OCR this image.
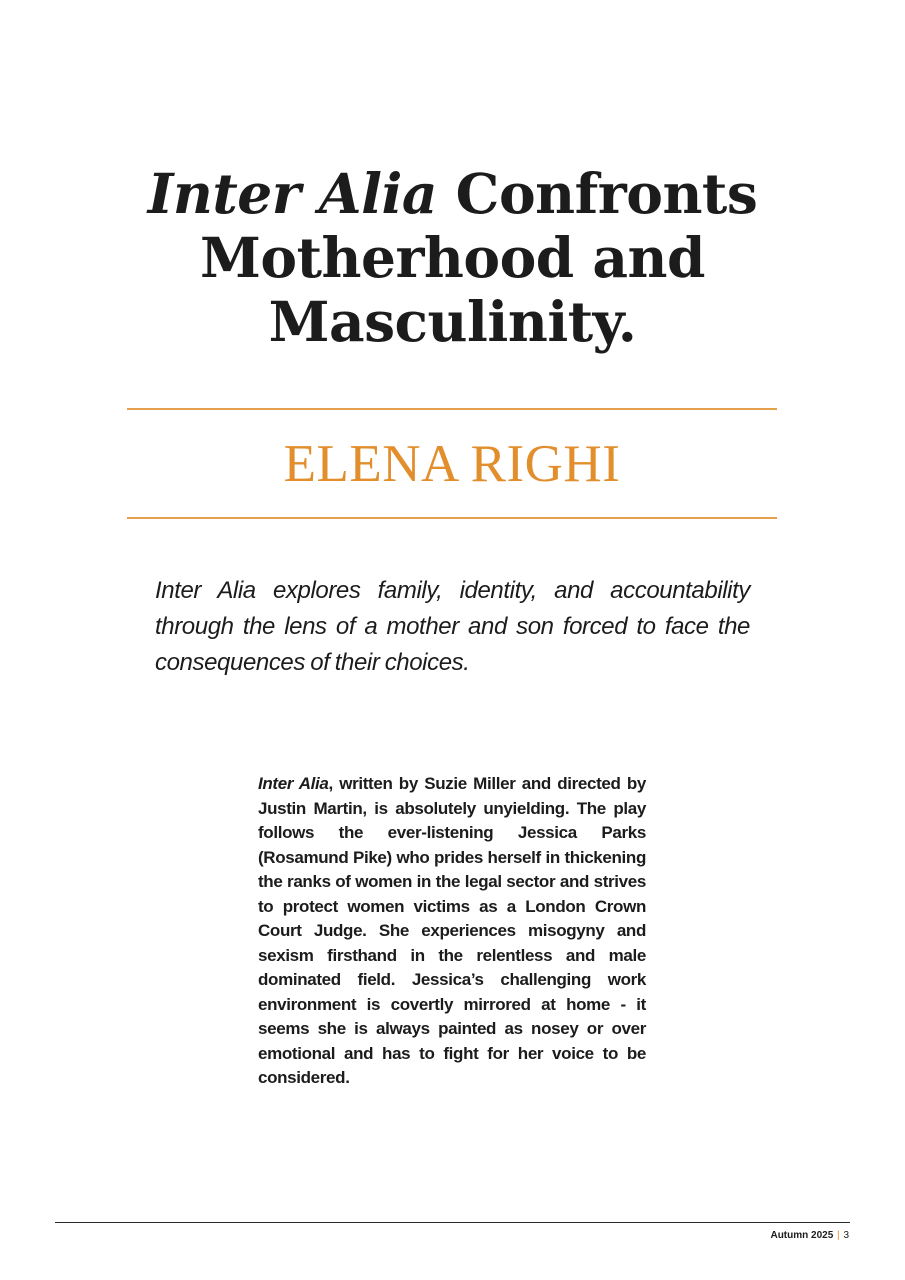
Inter Alia Confronts Motherhood and Masculinity.
ELENA RIGHI

Inter Alia explores family, identity, and accountability through the lens of a mother and son forced to face the consequences of their choices.

Inter Alia, written by Suzie Miller and directed by Justin Martin, is absolutely unyielding. The play follows the ever-listening Jessica Parks (Rosamund Pike) who prides herself in thickening the ranks of women in the legal sector and strives to protect women victims as a London Crown Court Judge. She experiences misogyny and sexism firsthand in the relentless and male dominated field. Jessica’s challenging work environment is covertly mirrored at home - it seems she is always painted as nosey or over emotional and has to fight for her voice to be considered.

Autumn 2025 | 3
